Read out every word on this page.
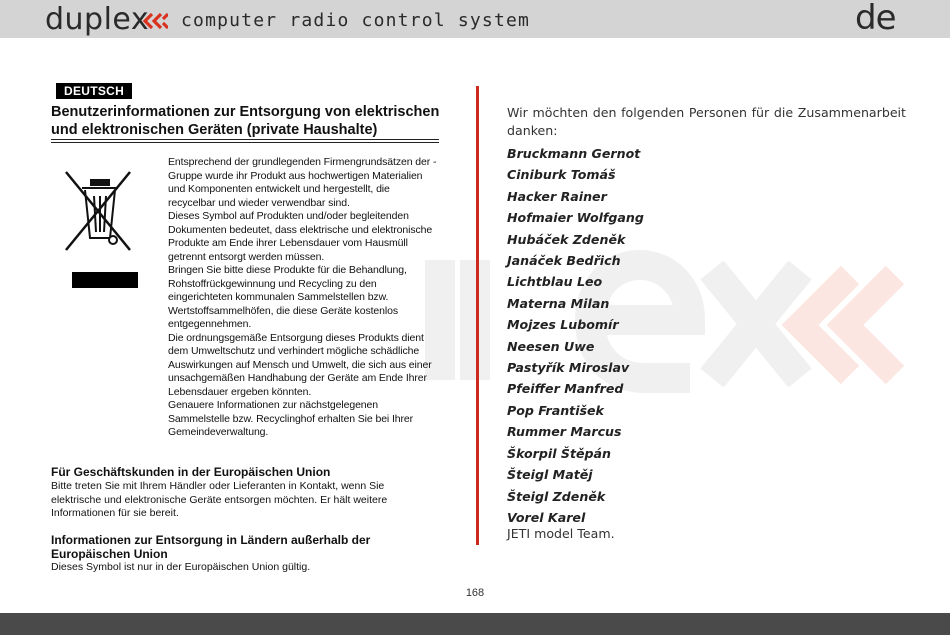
duplex computer radio control system	de
DEUTSCH
Benutzerinformationen zur Entsorgung von elektrischen und elektronischen Geräten (private Haushalte)

Entsprechend der grundlegenden Firmengrundsätzen der -Gruppe wurde ihr Produkt aus hochwertigen Materialien und Komponenten entwickelt und hergestellt, die recycelbar und wieder verwendbar sind.

Dieses Symbol auf Produkten und/oder begleitenden Dokumenten bedeutet, dass elektrische und elektronische Produkte am Ende ihrer Lebensdauer vom Hausmüll getrennt entsorgt werden müssen.

Bringen Sie bitte diese Produkte für die Behandlung, Rohstoffrückgewinnung und Recycling zu den eingerichteten kommunalen Sammelstellen bzw. Wertstoffsammelhöfen, die diese Geräte kostenlos entgegennehmen.

Die ordnungsgemäße Entsorgung dieses Produkts dient dem Umweltschutz und verhindert mögliche schädliche Auswirkungen auf Mensch und Umwelt, die sich aus einer unsachgemäßen Handhabung der Geräte am Ende Ihrer Lebensdauer ergeben könnten.

Genauere Informationen zur nächstgelegenen Sammelstelle bzw. Recyclinghof erhalten Sie bei Ihrer Gemeindeverwaltung.

Für Geschäftskunden in der Europäischen Union
Bitte treten Sie mit Ihrem Händler oder Lieferanten in Kontakt, wenn Sie elektrische und elektronische Geräte entsorgen möchten. Er hält weitere Informationen für sie bereit.
Informationen zur Entsorgung in Ländern außerhalb der Europäischen Union
Dieses Symbol ist nur in der Europäischen Union gültig.
Wir möchten den folgenden Personen für die Zusammenarbeit danken:
Bruckmann Gernot
Ciniburk Tomáš
Hacker Rainer
Hofmaier Wolfgang
Hubáček Zdeněk
Janáček Bedřich
Lichtblau Leo
Materna Milan
Mojzes Lubomír
Neesen Uwe
Pastyřík Miroslav
Pfeiffer Manfred
Pop František
Rummer Marcus
Škorpil Štěpán
Šteigl Matěj
Šteigl Zdeněk
Vorel Karel
JETI model Team.
168
